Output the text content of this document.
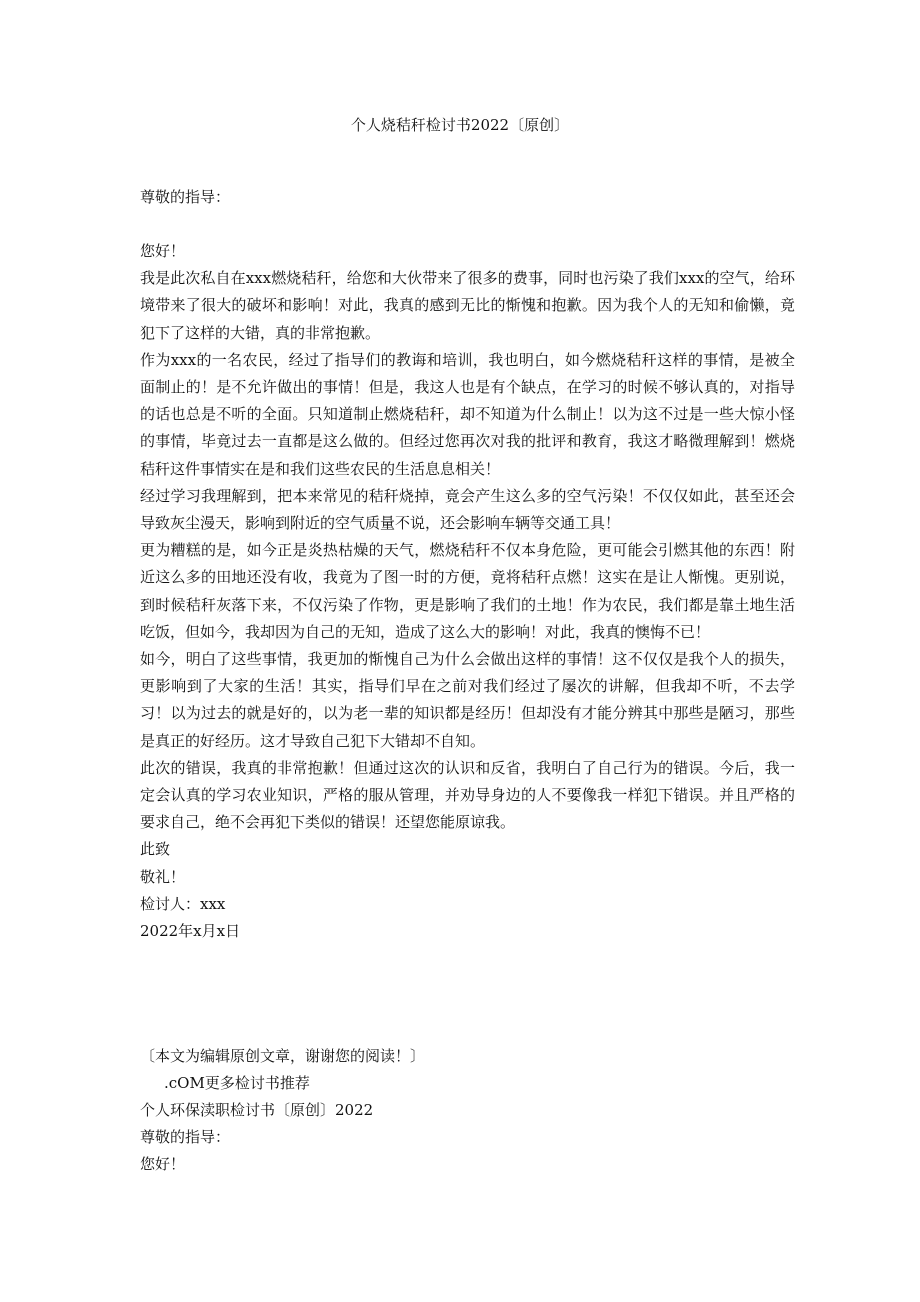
个人烧秸秆检讨书2022〔原创〕
尊敬的指导：

您好！

我是此次私自在xxx燃烧秸秆，给您和大伙带来了很多的费事，同时也污染了我们xxx的空气，给环境带来了很大的破坏和影响！对此，我真的感到无比的惭愧和抱歉。因为我个人的无知和偷懒，竟犯下了这样的大错，真的非常抱歉。

作为xxx的一名农民，经过了指导们的教诲和培训，我也明白，如今燃烧秸秆这样的事情，是被全面制止的！是不允许做出的事情！但是，我这人也是有个缺点，在学习的时候不够认真的，对指导的话也总是不听的全面。只知道制止燃烧秸秆，却不知道为什么制止！以为这不过是一些大惊小怪的事情，毕竟过去一直都是这么做的。但经过您再次对我的批评和教育，我这才略微理解到！燃烧秸秆这件事情实在是和我们这些农民的生活息息相关！

经过学习我理解到，把本来常见的秸秆烧掉，竟会产生这么多的空气污染！不仅仅如此，甚至还会导致灰尘漫天，影响到附近的空气质量不说，还会影响车辆等交通工具！

更为糟糕的是，如今正是炎热枯燥的天气，燃烧秸秆不仅本身危险，更可能会引燃其他的东西！附近这么多的田地还没有收，我竟为了图一时的方便，竟将秸秆点燃！这实在是让人惭愧。更别说，到时候秸秆灰落下来，不仅污染了作物，更是影响了我们的土地！作为农民，我们都是靠土地生活吃饭，但如今，我却因为自己的无知，造成了这么大的影响！对此，我真的懊悔不已！

如今，明白了这些事情，我更加的惭愧自己为什么会做出这样的事情！这不仅仅是我个人的损失，更影响到了大家的生活！其实，指导们早在之前对我们经过了屡次的讲解，但我却不听，不去学习！以为过去的就是好的，以为老一辈的知识都是经历！但却没有才能分辨其中那些是陋习，那些是真正的好经历。这才导致自己犯下大错却不自知。

此次的错误，我真的非常抱歉！但通过这次的认识和反省，我明白了自己行为的错误。今后，我一定会认真的学习农业知识，严格的服从管理，并劝导身边的人不要像我一样犯下错误。并且严格的要求自己，绝不会再犯下类似的错误！还望您能原谅我。

此致

敬礼！

检讨人：xxx

2022年x月x日

〔本文为编辑原创文章，谢谢您的阅读！〕

.cOM更多检讨书推荐

个人环保渎职检讨书〔原创〕2022

尊敬的指导：

您好！
